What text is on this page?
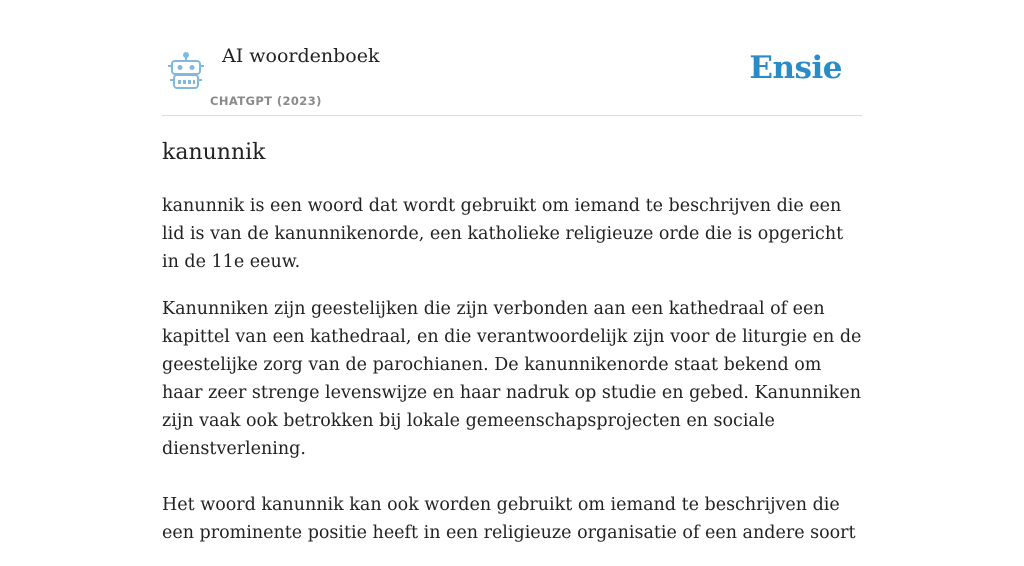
AI woordenboek
CHATGPT (2023)
Ensie
kanunnik

kanunnik is een woord dat wordt gebruikt om iemand te beschrijven die een lid is van de kanunnikenorde, een katholieke religieuze orde die is opgericht in de 11e eeuw.

Kanunniken zijn geestelijken die zijn verbonden aan een kathedraal of een kapittel van een kathedraal, en die verantwoordelijk zijn voor de liturgie en de geestelijke zorg van de parochianen. De kanunnikenorde staat bekend om haar zeer strenge levenswijze en haar nadruk op studie en gebed. Kanunniken zijn vaak ook betrokken bij lokale gemeenschapsprojecten en sociale dienstverlening.

Het woord kanunnik kan ook worden gebruikt om iemand te beschrijven die een prominente positie heeft in een religieuze organisatie of een andere soort
